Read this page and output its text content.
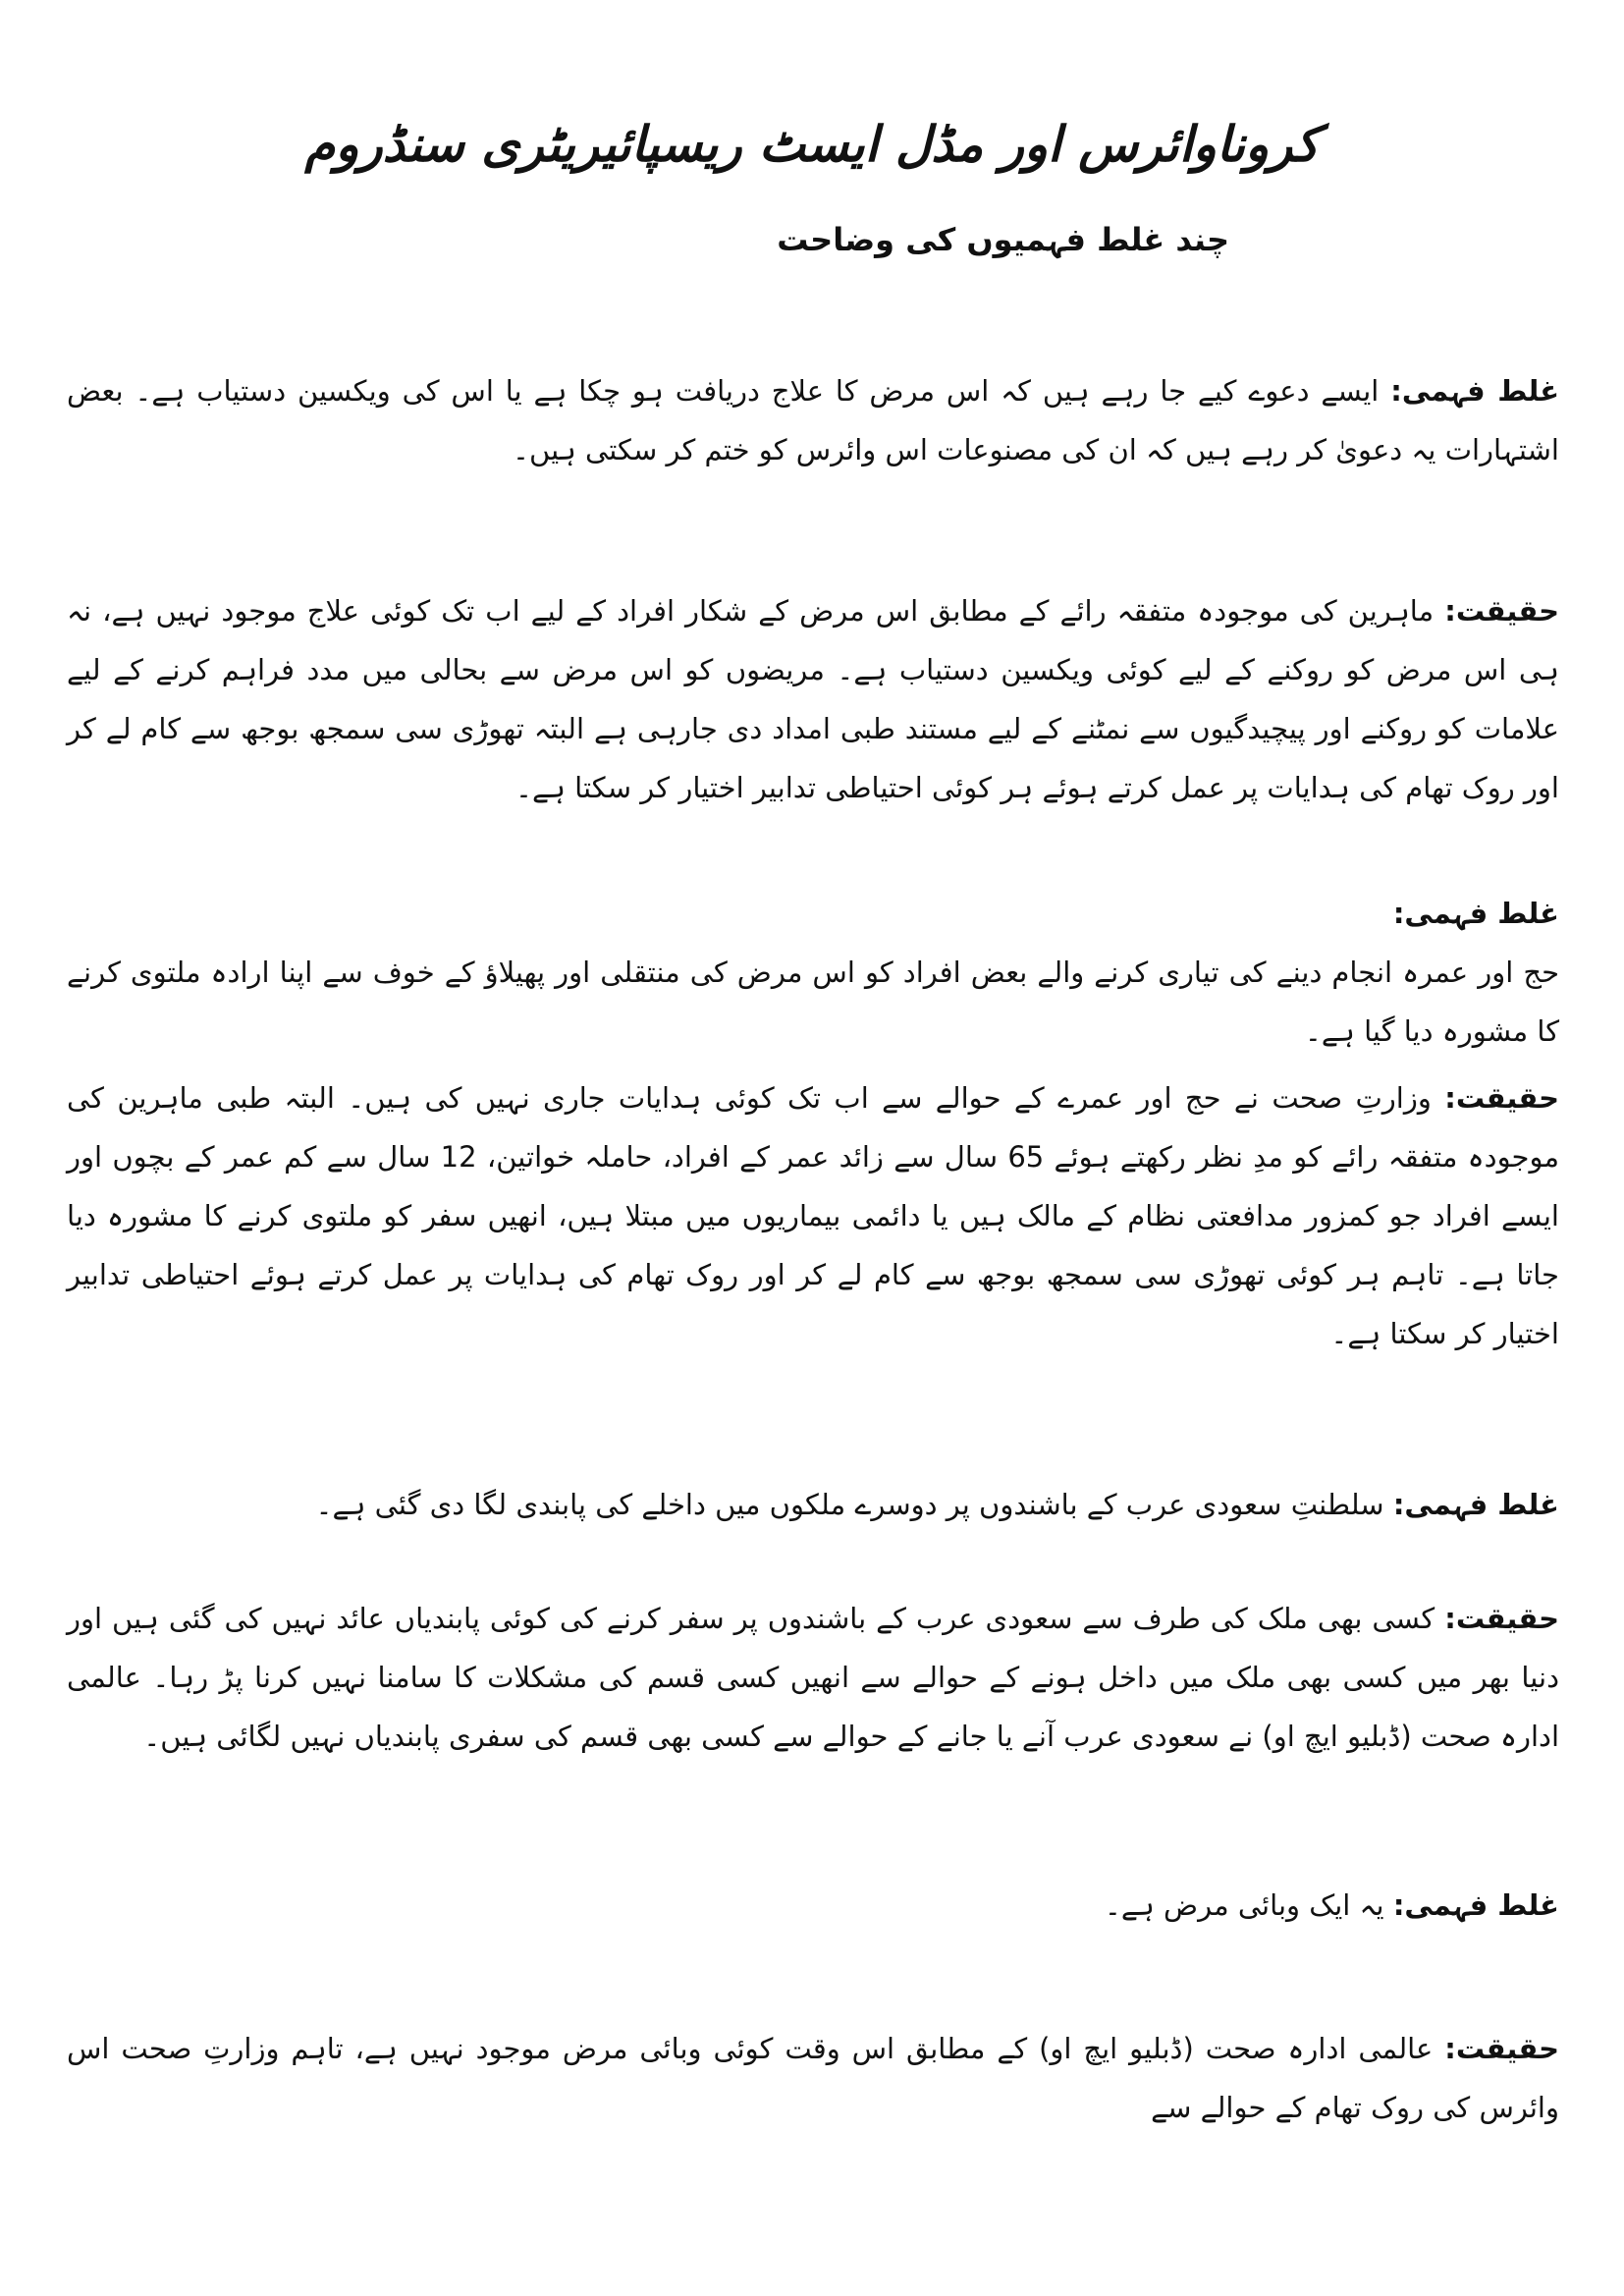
کروناوائرس اور مڈل ایسٹ ریسپائیریٹری سنڈروم
چند غلط فہمیوں کی وضاحت

غلط فہمی: ایسے دعوے کیے جا رہے ہیں کہ اس مرض کا علاج دریافت ہو چکا ہے یا اس کی ویکسین دستیاب ہے۔ بعض اشتہارات یہ دعویٰ کر رہے ہیں کہ ان کی مصنوعات اس وائرس کو ختم کر سکتی ہیں۔

حقیقت: ماہرین کی موجودہ متفقہ رائے کے مطابق اس مرض کے شکار افراد کے لیے اب تک کوئی علاج موجود نہیں ہے، نہ ہی اس مرض کو روکنے کے لیے کوئی ویکسین دستیاب ہے۔ مریضوں کو اس مرض سے بحالی میں مدد فراہم کرنے کے لیے علامات کو روکنے اور پیچیدگیوں سے نمٹنے کے لیے مستند طبی امداد دی جارہی ہے البتہ تھوڑی سی سمجھ بوجھ سے کام لے کر اور روک تھام کی ہدایات پر عمل کرتے ہوئے ہر کوئی احتیاطی تدابیر اختیار کر سکتا ہے۔

غلط فہمی:
حج اور عمرہ انجام دینے کی تیاری کرنے والے بعض افراد کو اس مرض کی منتقلی اور پھیلاؤ کے خوف سے اپنا ارادہ ملتوی کرنے کا مشورہ دیا گیا ہے۔

حقیقت: وزارتِ صحت نے حج اور عمرے کے حوالے سے اب تک کوئی ہدایات جاری نہیں کی ہیں۔ البتہ طبی ماہرین کی موجودہ متفقہ رائے کو مدِ نظر رکھتے ہوئے 65 سال سے زائد عمر کے افراد، حاملہ خواتین، 12 سال سے کم عمر کے بچوں اور ایسے افراد جو کمزور مدافعتی نظام کے مالک ہیں یا دائمی بیماریوں میں مبتلا ہیں، انھیں سفر کو ملتوی کرنے کا مشورہ دیا جاتا ہے۔ تاہم ہر کوئی تھوڑی سی سمجھ بوجھ سے کام لے کر اور روک تھام کی ہدایات پر عمل کرتے ہوئے احتیاطی تدابیر اختیار کر سکتا ہے۔

غلط فہمی: سلطنتِ سعودی عرب کے باشندوں پر دوسرے ملکوں میں داخلے کی پابندی لگا دی گئی ہے۔

حقیقت: کسی بھی ملک کی طرف سے سعودی عرب کے باشندوں پر سفر کرنے کی کوئی پابندیاں عائد نہیں کی گئی ہیں اور دنیا بھر میں کسی بھی ملک میں داخل ہونے کے حوالے سے انھیں کسی قسم کی مشکلات کا سامنا نہیں کرنا پڑ رہا۔ عالمی ادارہ صحت (ڈبلیو ایچ او) نے سعودی عرب آنے یا جانے کے حوالے سے کسی بھی قسم کی سفری پابندیاں نہیں لگائی ہیں۔

غلط فہمی: یہ ایک وبائی مرض ہے۔

حقیقت: عالمی ادارہ صحت (ڈبلیو ایچ او) کے مطابق اس وقت کوئی وبائی مرض موجود نہیں ہے، تاہم وزارتِ صحت اس وائرس کی روک تھام کے حوالے سے
